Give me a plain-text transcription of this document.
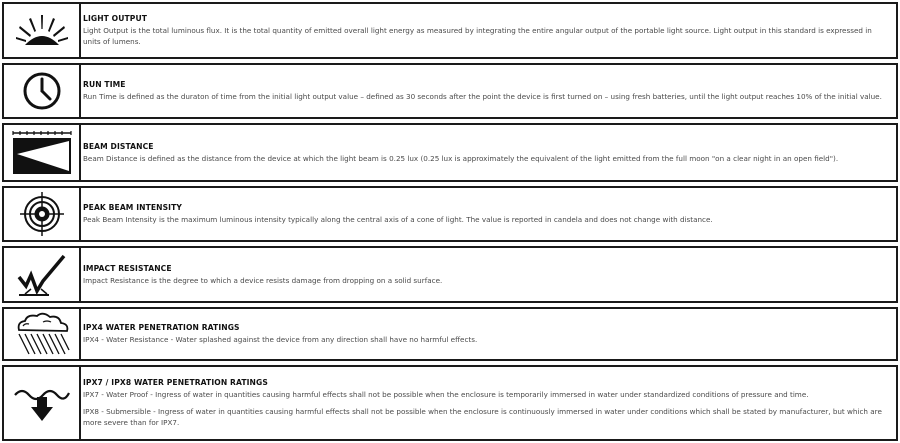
LIGHT OUTPUT
Light Output is the total luminous flux. It is the total quantity of emitted overall light energy as measured by integrating the entire angular output of the portable light source. Light output in this standard is expressed in units of lumens.
RUN TIME
Run Time is defined as the duraton of time from the initial light output value – defined as 30 seconds after the point the device is first turned on – using fresh batteries, until the light output reaches 10% of the initial value.
BEAM DISTANCE
Beam Distance is defined as the distance from the device at which the light beam is 0.25 lux (0.25 lux is approximately the equivalent of the light emitted from the full moon "on a clear night in an open field").
PEAK BEAM INTENSITY
Peak Beam Intensity is the maximum luminous intensity typically along the central axis of a cone of light. The value is reported in candela and does not change with distance.
IMPACT RESISTANCE
Impact Resistance is the degree to which a device resists damage from dropping on a solid surface.
IPX4 WATER PENETRATION RATINGS
IPX4 - Water Resistance - Water splashed against the device from any direction shall have no harmful effects.
IPX7 / IPX8 WATER PENETRATION RATINGS
IPX7 - Water Proof - Ingress of water in quantities causing harmful effects shall not be possible when the enclosure is temporarily immersed in water under standardized conditions of pressure and time.
IPX8 - Submersible - Ingress of water in quantities causing harmful effects shall not be possible when the enclosure is continuously immersed in water under conditions which shall be stated by manufacturer, but which are more severe than for IPX7.
